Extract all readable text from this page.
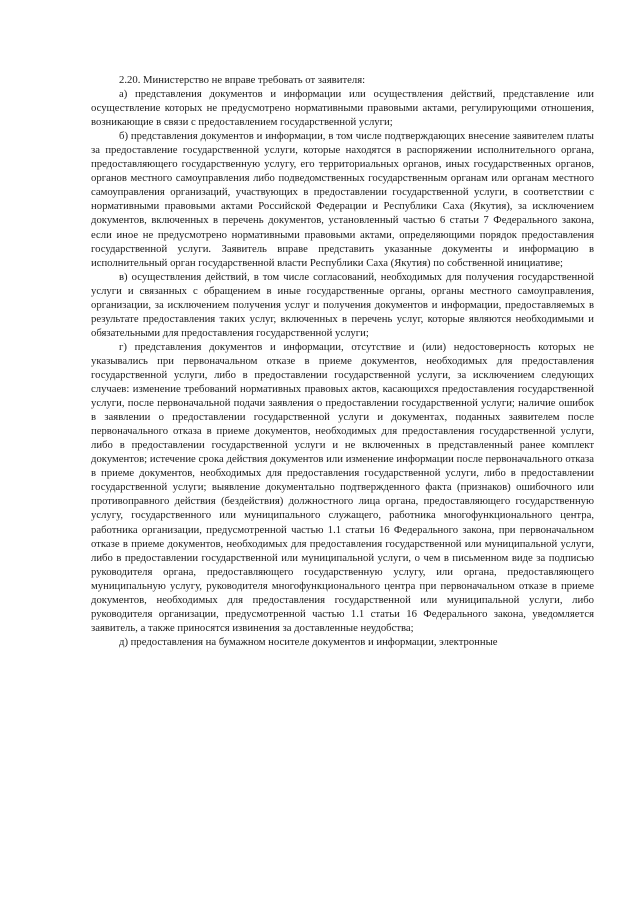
2.20. Министерство не вправе требовать от заявителя:

а) представления документов и информации или осуществления действий, представление или осуществление которых не предусмотрено нормативными правовыми актами, регулирующими отношения, возникающие в связи с предоставлением государственной услуги;

б) представления документов и информации, в том числе подтверждающих внесение заявителем платы за предоставление государственной услуги, которые находятся в распоряжении исполнительного органа, предоставляющего государственную услугу, его территориальных органов, иных государственных органов, органов местного самоуправления либо подведомственных государственным органам или органам местного самоуправления организаций, участвующих в предоставлении государственной услуги, в соответствии с нормативными правовыми актами Российской Федерации и Республики Саха (Якутия), за исключением документов, включенных в перечень документов, установленный частью 6 статьи 7 Федерального закона, если иное не предусмотрено нормативными правовыми актами, определяющими порядок предоставления государственной услуги. Заявитель вправе представить указанные документы и информацию в исполнительный орган государственной власти Республики Саха (Якутия) по собственной инициативе;

в) осуществления действий, в том числе согласований, необходимых для получения государственной услуги и связанных с обращением в иные государственные органы, органы местного самоуправления, организации, за исключением получения услуг и получения документов и информации, предоставляемых в результате предоставления таких услуг, включенных в перечень услуг, которые являются необходимыми и обязательными для предоставления государственной услуги;

г) представления документов и информации, отсутствие и (или) недостоверность которых не указывались при первоначальном отказе в приеме документов, необходимых для предоставления государственной услуги, либо в предоставлении государственной услуги, за исключением следующих случаев: изменение требований нормативных правовых актов, касающихся предоставления государственной услуги, после первоначальной подачи заявления о предоставлении государственной услуги; наличие ошибок в заявлении о предоставлении государственной услуги и документах, поданных заявителем после первоначального отказа в приеме документов, необходимых для предоставления государственной услуги, либо в предоставлении государственной услуги и не включенных в представленный ранее комплект документов; истечение срока действия документов или изменение информации после первоначального отказа в приеме документов, необходимых для предоставления государственной услуги, либо в предоставлении государственной услуги; выявление документально подтвержденного факта (признаков) ошибочного или противоправного действия (бездействия) должностного лица органа, предоставляющего государственную услугу, государственного или муниципального служащего, работника многофункционального центра, работника организации, предусмотренной частью 1.1 статьи 16 Федерального закона, при первоначальном отказе в приеме документов, необходимых для предоставления государственной или муниципальной услуги, либо в предоставлении государственной или муниципальной услуги, о чем в письменном виде за подписью руководителя органа, предоставляющего государственную услугу, или органа, предоставляющего муниципальную услугу, руководителя многофункционального центра при первоначальном отказе в приеме документов, необходимых для предоставления государственной или муниципальной услуги, либо руководителя организации, предусмотренной частью 1.1 статьи 16 Федерального закона, уведомляется заявитель, а также приносятся извинения за доставленные неудобства;

д) предоставления на бумажном носителе документов и информации, электронные
